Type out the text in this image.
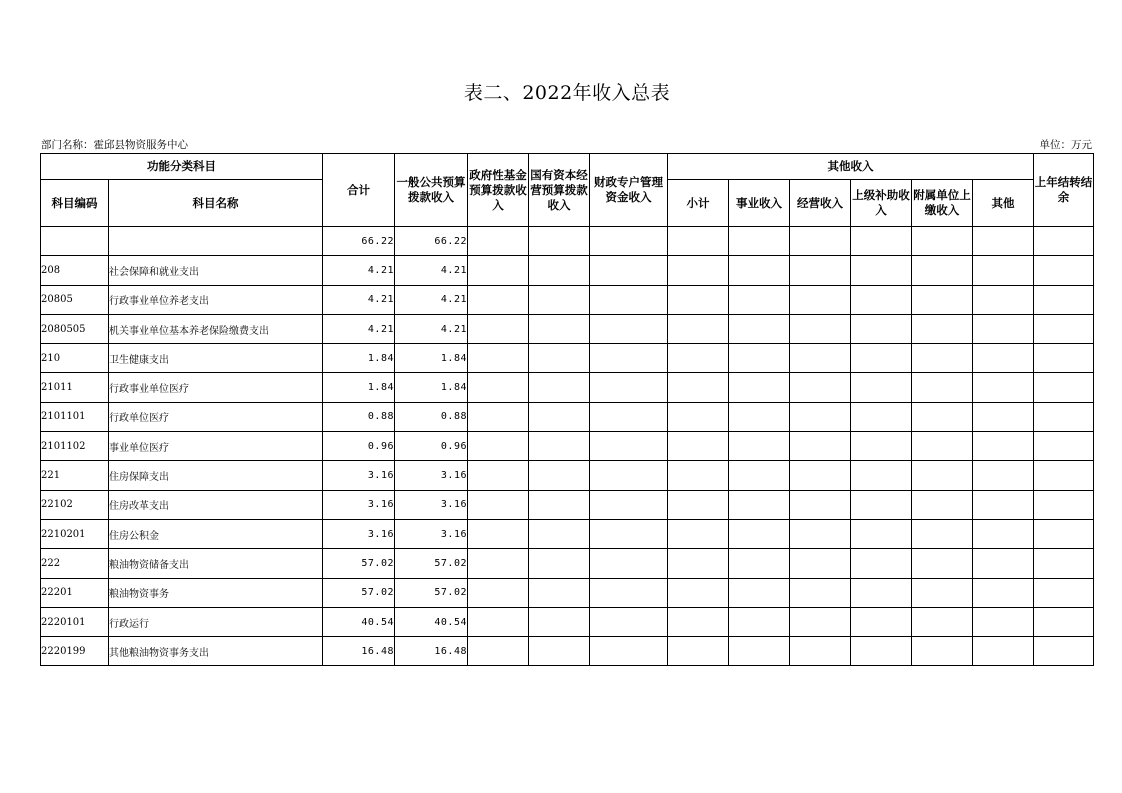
表二、2022年收入总表
部门名称：霍邱县物资服务中心	单位：万元
功能分类科目		合计	一般公共预算拨款收入	政府性基金预算拨款收入	国有资本经营预算拨款收入	财政专户管理资金收入	其他收入						上年结转结余
科目编码	科目名称						小计	事业收入	经营收入	上级补助收入	附属单位上缴收入	其他	
		66.22	66.22										
208	社会保障和就业支出	4.21	4.21										
20805	行政事业单位养老支出	4.21	4.21										
2080505	机关事业单位基本养老保险缴费支出	4.21	4.21										
210	卫生健康支出	1.84	1.84										
21011	行政事业单位医疗	1.84	1.84										
2101101	行政单位医疗	0.88	0.88										
2101102	事业单位医疗	0.96	0.96										
221	住房保障支出	3.16	3.16										
22102	住房改革支出	3.16	3.16										
2210201	住房公积金	3.16	3.16										
222	粮油物资储备支出	57.02	57.02										
22201	粮油物资事务	57.02	57.02										
2220101	行政运行	40.54	40.54										
2220199	其他粮油物资事务支出	16.48	16.48										
